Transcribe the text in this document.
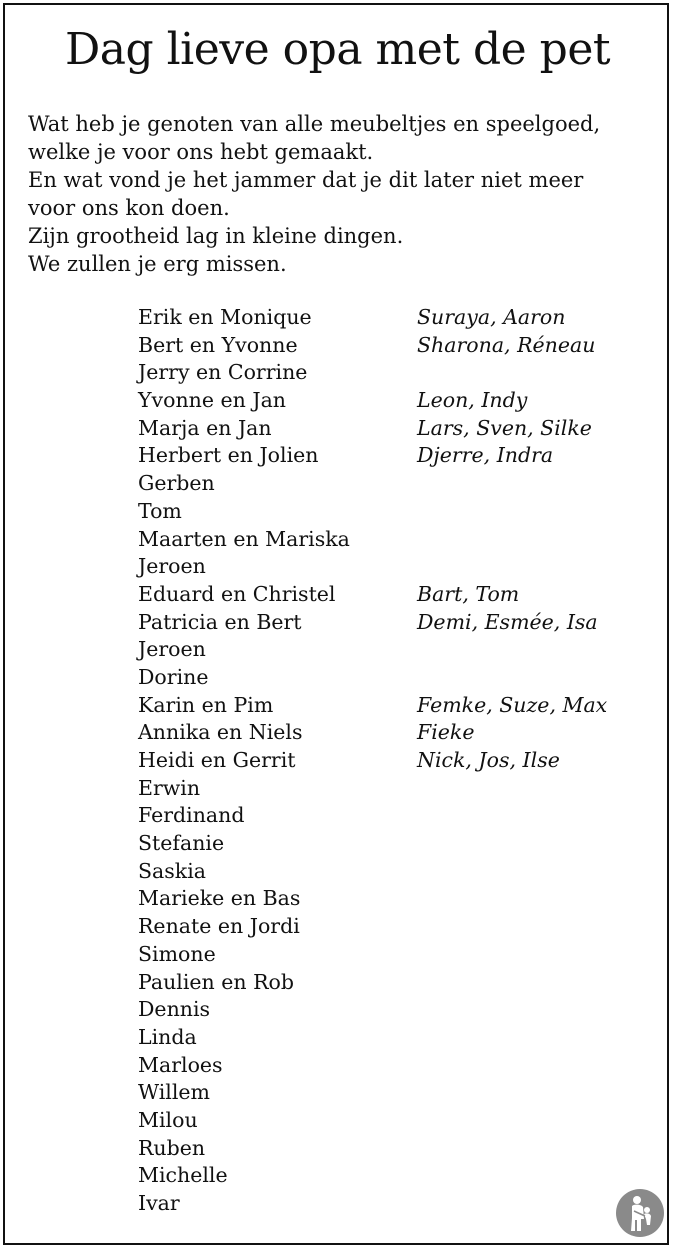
Dag lieve opa met de pet
Wat heb je genoten van alle meubeltjes en speelgoed,
welke je voor ons hebt gemaakt.
En wat vond je het jammer dat je dit later niet meer
voor ons kon doen.
Zijn grootheid lag in kleine dingen.
We zullen je erg missen.
Erik en Monique	Suraya, Aaron
Bert en Yvonne	Sharona, Réneau
Jerry en Corrine
Yvonne en Jan	Leon, Indy
Marja en Jan	Lars, Sven, Silke
Herbert en Jolien	Djerre, Indra
Gerben
Tom
Maarten en Mariska
Jeroen
Eduard en Christel	Bart, Tom
Patricia en Bert	Demi, Esmée, Isa
Jeroen
Dorine
Karin en Pim	Femke, Suze, Max
Annika en Niels	Fieke
Heidi en Gerrit	Nick, Jos, Ilse
Erwin
Ferdinand
Stefanie
Saskia
Marieke en Bas
Renate en Jordi
Simone
Paulien en Rob
Dennis
Linda
Marloes
Willem
Milou
Ruben
Michelle
Ivar
